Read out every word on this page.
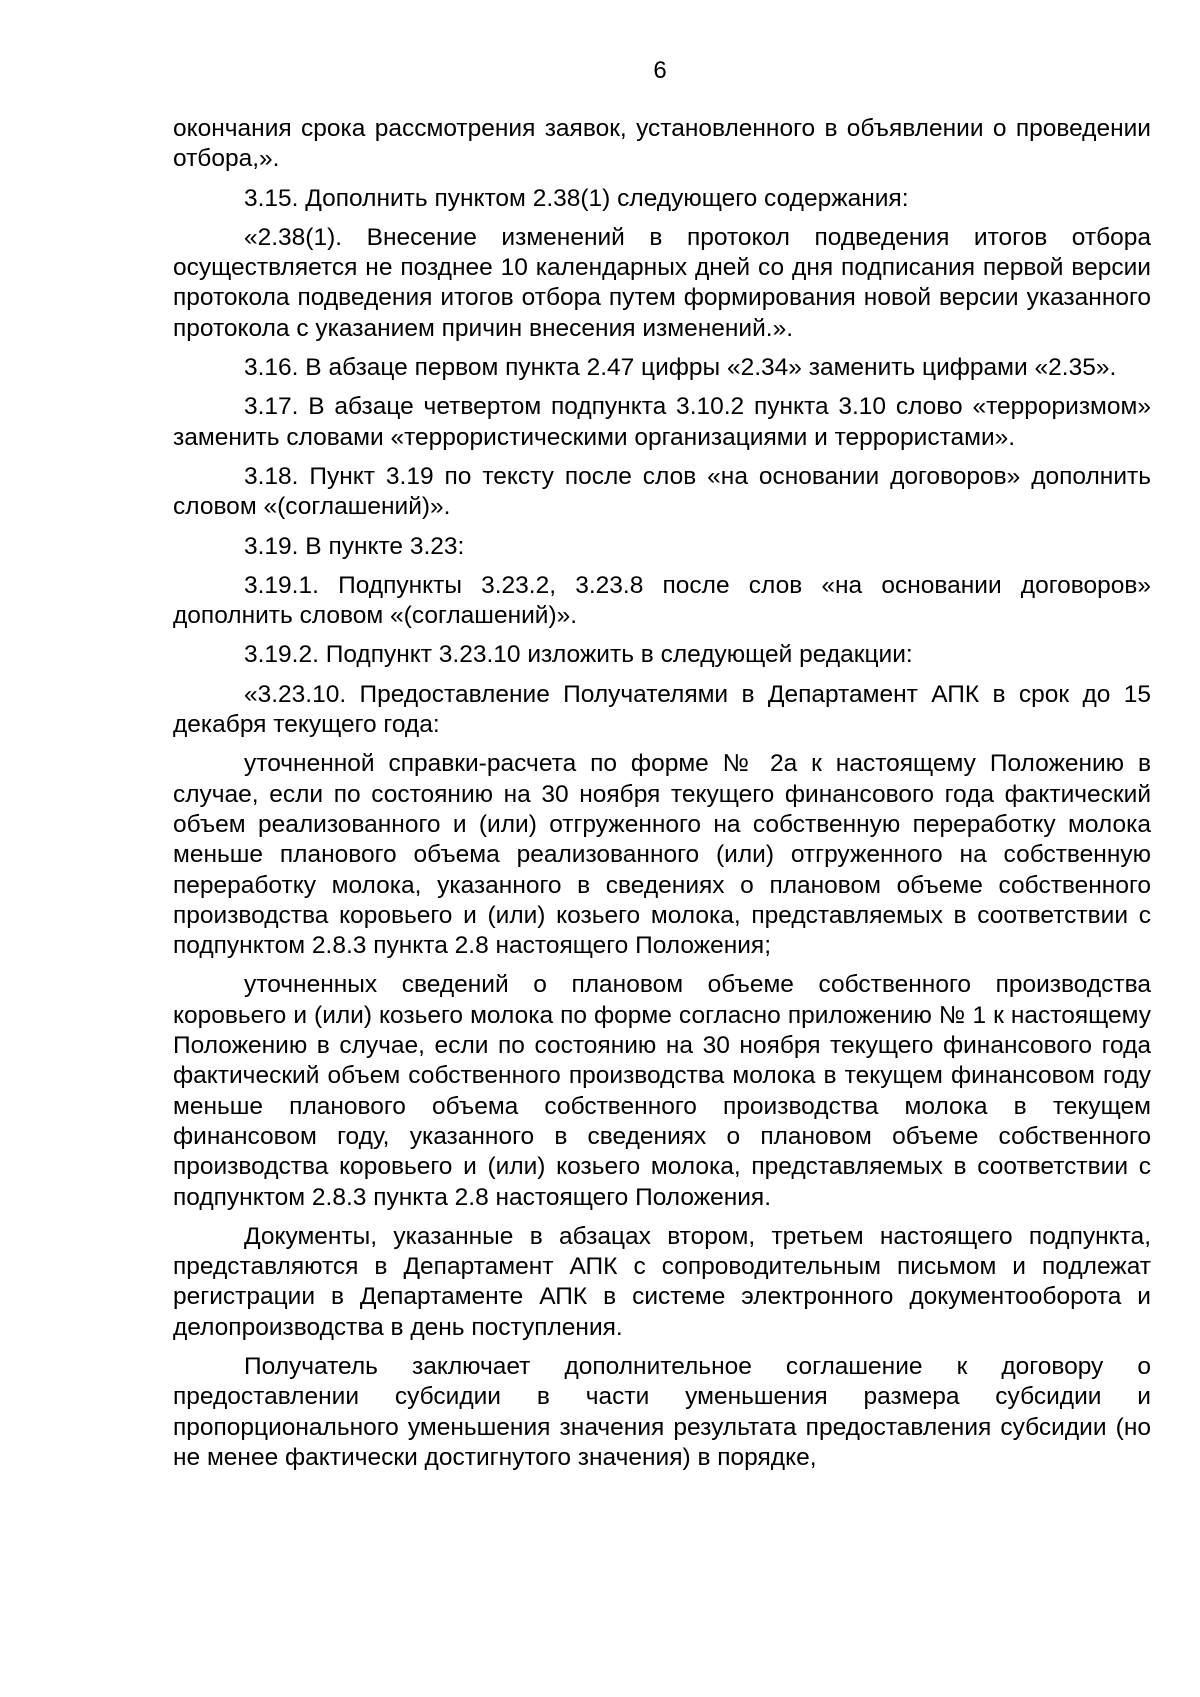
6

окончания срока рассмотрения заявок, установленного в объявлении о проведении отбора,».

3.15. Дополнить пунктом 2.38(1) следующего содержания:

«2.38(1). Внесение изменений в протокол подведения итогов отбора осуществляется не позднее 10 календарных дней со дня подписания первой версии протокола подведения итогов отбора путем формирования новой версии указанного протокола с указанием причин внесения изменений.».

3.16. В абзаце первом пункта 2.47 цифры «2.34» заменить цифрами «2.35».

3.17. В абзаце четвертом подпункта 3.10.2 пункта 3.10 слово «терроризмом» заменить словами «террористическими организациями и террористами».

3.18. Пункт 3.19 по тексту после слов «на основании договоров» дополнить словом «(соглашений)».

3.19. В пункте 3.23:

3.19.1. Подпункты 3.23.2, 3.23.8 после слов «на основании договоров» дополнить словом «(соглашений)».

3.19.2. Подпункт 3.23.10 изложить в следующей редакции:

«3.23.10. Предоставление Получателями в Департамент АПК в срок до 15 декабря текущего года:

уточненной справки-расчета по форме № 2а к настоящему Положению в случае, если по состоянию на 30 ноября текущего финансового года фактический объем реализованного и (или) отгруженного на собственную переработку молока меньше планового объема реализованного (или) отгруженного на собственную переработку молока, указанного в сведениях о плановом объеме собственного производства коровьего и (или) козьего молока, представляемых в соответствии с подпунктом 2.8.3 пункта 2.8 настоящего Положения;

уточненных сведений о плановом объеме собственного производства коровьего и (или) козьего молока по форме согласно приложению № 1 к настоящему Положению в случае, если по состоянию на 30 ноября текущего финансового года фактический объем собственного производства молока в текущем финансовом году меньше планового объема собственного производства молока в текущем финансовом году, указанного в сведениях о плановом объеме собственного производства коровьего и (или) козьего молока, представляемых в соответствии с подпунктом 2.8.3 пункта 2.8 настоящего Положения.

Документы, указанные в абзацах втором, третьем настоящего подпункта, представляются в Департамент АПК с сопроводительным письмом и подлежат регистрации в Департаменте АПК в системе электронного документооборота и делопроизводства в день поступления.

Получатель заключает дополнительное соглашение к договору о предоставлении субсидии в части уменьшения размера субсидии и пропорционального уменьшения значения результата предоставления субсидии (но не менее фактически достигнутого значения) в порядке,
